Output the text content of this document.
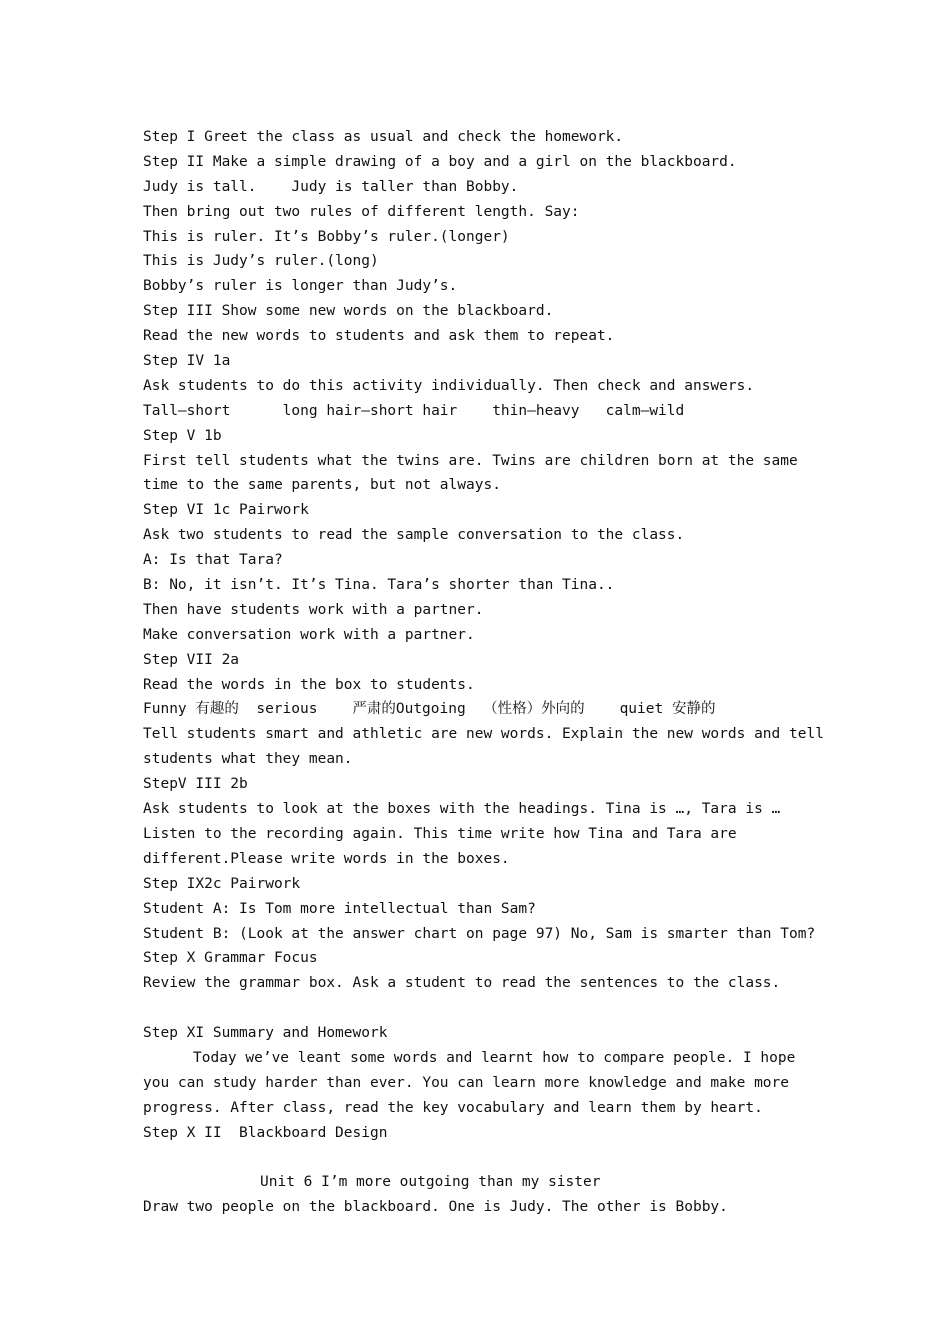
Step I Greet the class as usual and check the homework.
Step II Make a simple drawing of a boy and a girl on the blackboard.
Judy is tall.    Judy is taller than Bobby.
Then bring out two rules of different length. Say:
This is ruler. It’s Bobby’s ruler.(longer)
This is Judy’s ruler.(long)
Bobby’s ruler is longer than Judy’s.
Step III Show some new words on the blackboard.
Read the new words to students and ask them to repeat.
Step IV 1a
Ask students to do this activity individually. Then check and answers.
Tall—short      long hair—short hair    thin—heavy   calm—wild
Step V 1b
First tell students what the twins are. Twins are children born at the same
time to the same parents, but not always.
Step VI 1c Pairwork
Ask two students to read the sample conversation to the class.
A: Is that Tara?
B: No, it isn’t. It’s Tina. Tara’s shorter than Tina..
Then have students work with a partner.
Make conversation work with a partner.
Step VII 2a
Read the words in the box to students.
Funny 有趣的  serious    严肃的Outgoing  （性格）外向的    quiet 安静的
Tell students smart and athletic are new words. Explain the new words and tell
students what they mean.
StepV III 2b
Ask students to look at the boxes with the headings. Tina is …, Tara is …
Listen to the recording again. This time write how Tina and Tara are
different.Please write words in the boxes.
Step IX2c Pairwork
Student A: Is Tom more intellectual than Sam?
Student B: (Look at the answer chart on page 97) No, Sam is smarter than Tom?
Step X Grammar Focus
Review the grammar box. Ask a student to read the sentences to the class.
Step XI Summary and Homework
Today we’ve leant some words and learnt how to compare people. I hope
you can study harder than ever. You can learn more knowledge and make more
progress. After class, read the key vocabulary and learn them by heart.
Step X II  Blackboard Design
Unit 6 I’m more outgoing than my sister
Draw two people on the blackboard. One is Judy. The other is Bobby.
